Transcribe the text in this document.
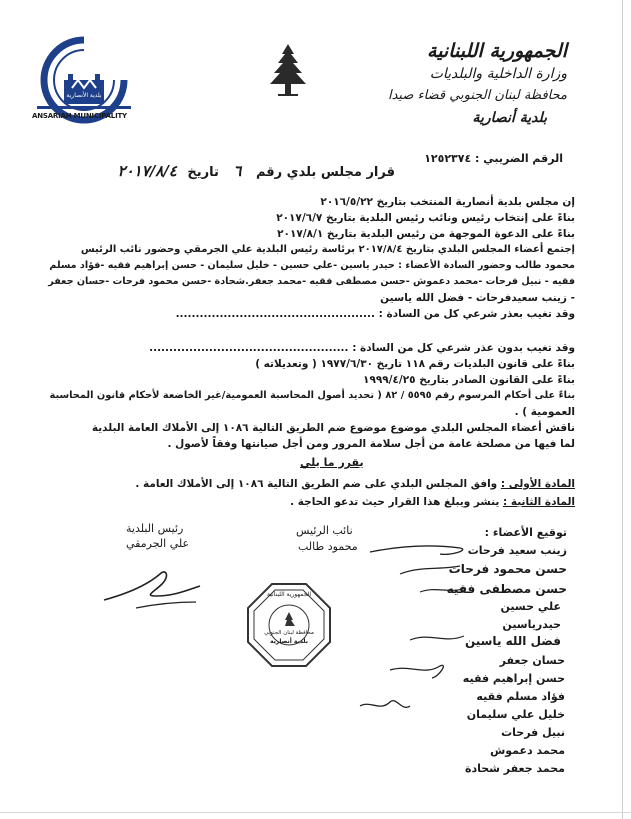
بلدية الأنصارية
ANSARIAH MUNICIPALITY
الجمهورية اللبنانية
وزارة الداخلية والبلديات
محافظة لبنان الجنوبي قضاء صيدا
بلدية أنصارية
الرقم الضريبي : ١٢٥٢٣٧٤
قرار مجلس بلدي رقم ٦ تاريخ ٢٠١٧/٨/٤
إن مجلس بلدية أنصارية المنتخب بتاريخ ٢٠١٦/٥/٢٢
بناءً على إنتخاب رئيس ونائب رئيس البلدية بتاريخ ٢٠١٧/٦/٧
بناءً على الدعوة الموجهة من رئيس البلدية بتاريخ ٢٠١٧/٨/١
إجتمع أعضاء المجلس البلدي بتاريخ ٢٠١٧/٨/٤ برئاسة رئيس البلدية علي الجرمقي وحضور نائب الرئيس
محمود طالب وحضور السادة الأعضاء : حيدر ياسين -علي حسين - خليل سليمان - حسن إبراهيم فقيه -فؤاد مسلم
فقيه - نبيل فرحات -محمد دعموش -حسن مصطفى فقيه -محمد جعفر.شحادة -حسن محمود فرحات -حسان جعفر
- زينب سعيدفرحات - فضل الله ياسين
وقد تغيب بعذر شرعي كل من السادة : ..................................................
وقد تغيب بدون عذر شرعي كل من السادة : ..................................................
بناءً على قانون البلديات رقم ١١٨ تاريخ ١٩٧٧/٦/٣٠ ( وتعديلاته )
بناءً على القانون الصادر بتاريخ ١٩٩٩/٤/٢٥
بناءً على أحكام المرسوم رقم ٥٥٩٥ / ٨٢ ( تحديد أصول المحاسبة العمومية/غير الخاضعة لأحكام قانون المحاسبة
العمومية ) .
ناقش أعضاء المجلس البلدي موضوع موضوع ضم الطريق التالية ١٠٨٦ إلى الأملاك العامة البلدية
لما فيها من مصلحة عامة من أجل سلامة المرور ومن أجل صيانتها وفقاً لأصول .
يقرر ما يلي
المادة الأولى : وافق المجلس البلدي على ضم الطريق التالية ١٠٨٦ إلى الأملاك العامة .
المادة الثانية : ينشر ويبلغ هذا القرار حيث تدعو الحاجة .
رئيس البلدية
علي الجرمقي
نائب الرئيس
محمود طالب
توقيع الأعضاء :
زينب سعيد فرحات
حسن محمود فرحات
حسن مصطفى فقيه
علي حسين
حيدرياسين
فضل الله ياسين
حسان جعفر
حسن إبراهيم فقيه
فؤاد مسلم فقيه
خليل علي سليمان
نبيل فرحات
محمد دعموش
محمد جعفر شحادة
الجمهورية اللبنانية
محافظة لبنان الجنوبي
بلدية أنصارية
